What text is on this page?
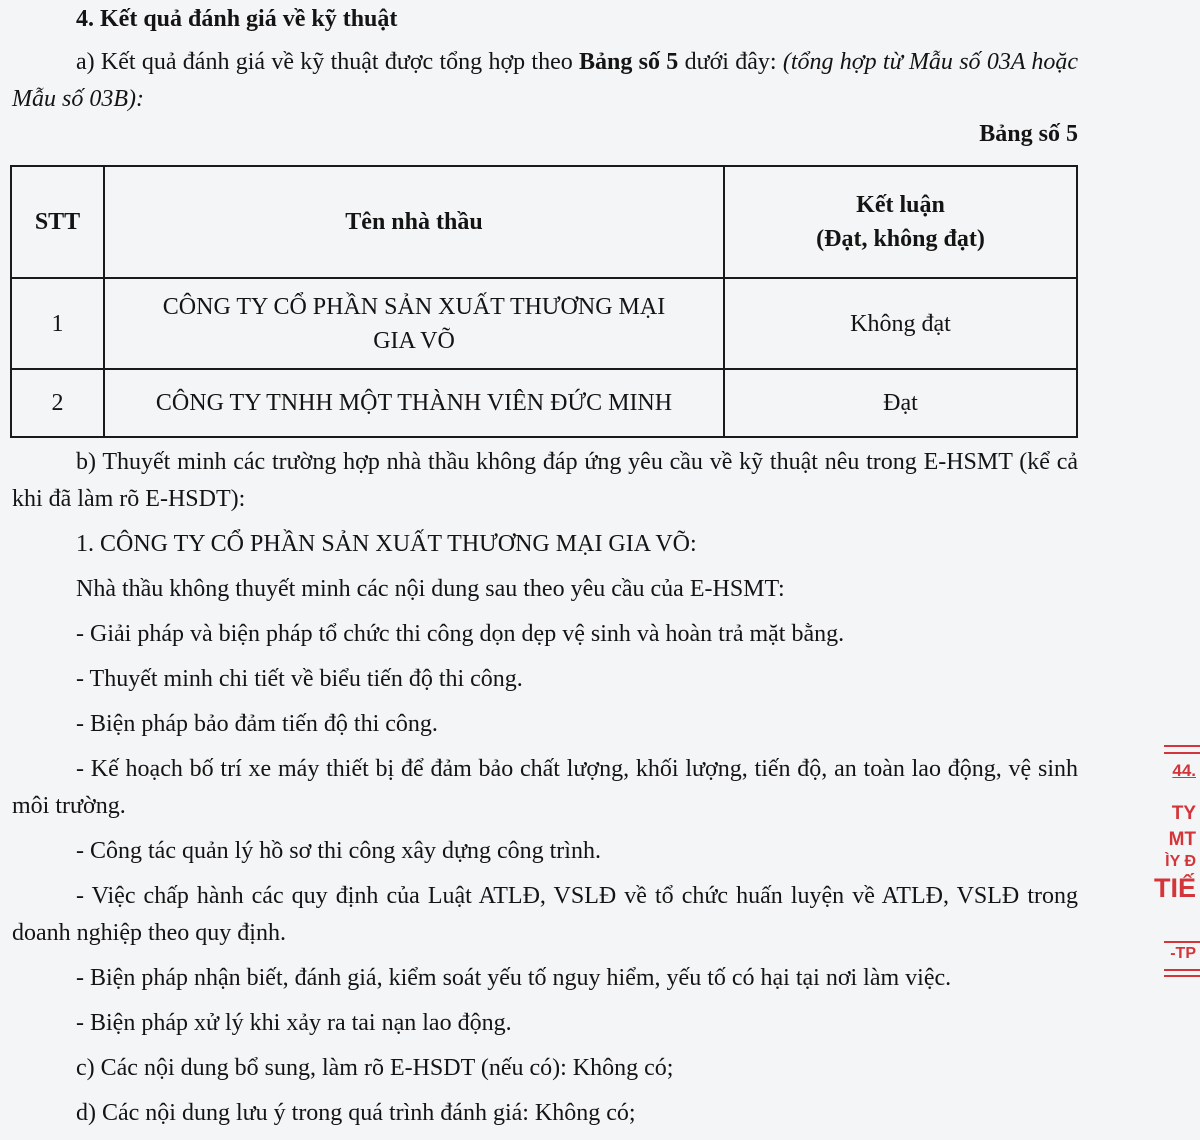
4. Kết quả đánh giá về kỹ thuật

a) Kết quả đánh giá về kỹ thuật được tổng hợp theo Bảng số 5 dưới đây: (tổng hợp từ Mẫu số 03A hoặc Mẫu số 03B):

Bảng số 5
STT	Tên nhà thầu	Kết luận
(Đạt, không đạt)

1	CÔNG TY CỔ PHẦN SẢN XUẤT THƯƠNG MẠI
GIA VÕ	Không đạt
2	CÔNG TY TNHH MỘT THÀNH VIÊN ĐỨC MINH	Đạt

b) Thuyết minh các trường hợp nhà thầu không đáp ứng yêu cầu về kỹ thuật nêu trong E-HSMT (kể cả khi đã làm rõ E-HSDT):

1. CÔNG TY CỔ PHẦN SẢN XUẤT THƯƠNG MẠI GIA VÕ:

Nhà thầu không thuyết minh các nội dung sau theo yêu cầu của E-HSMT:

- Giải pháp và biện pháp tổ chức thi công dọn dẹp vệ sinh và hoàn trả mặt bằng.

- Thuyết minh chi tiết về biểu tiến độ thi công.

- Biện pháp bảo đảm tiến độ thi công.

- Kế hoạch bố trí xe máy thiết bị để đảm bảo chất lượng, khối lượng, tiến độ, an toàn lao động, vệ sinh môi trường.

- Công tác quản lý hồ sơ thi công xây dựng công trình.

- Việc chấp hành các quy định của Luật ATLĐ, VSLĐ về tổ chức huấn luyện về ATLĐ, VSLĐ trong doanh nghiệp theo quy định.

- Biện pháp nhận biết, đánh giá, kiểm soát yếu tố nguy hiểm, yếu tố có hại tại nơi làm việc.

- Biện pháp xử lý khi xảy ra tai nạn lao động.

c) Các nội dung bổ sung, làm rõ E-HSDT (nếu có): Không có;

d) Các nội dung lưu ý trong quá trình đánh giá: Không có;

44.
TY
MT
ÌY Đ
TIẾ
-TP
